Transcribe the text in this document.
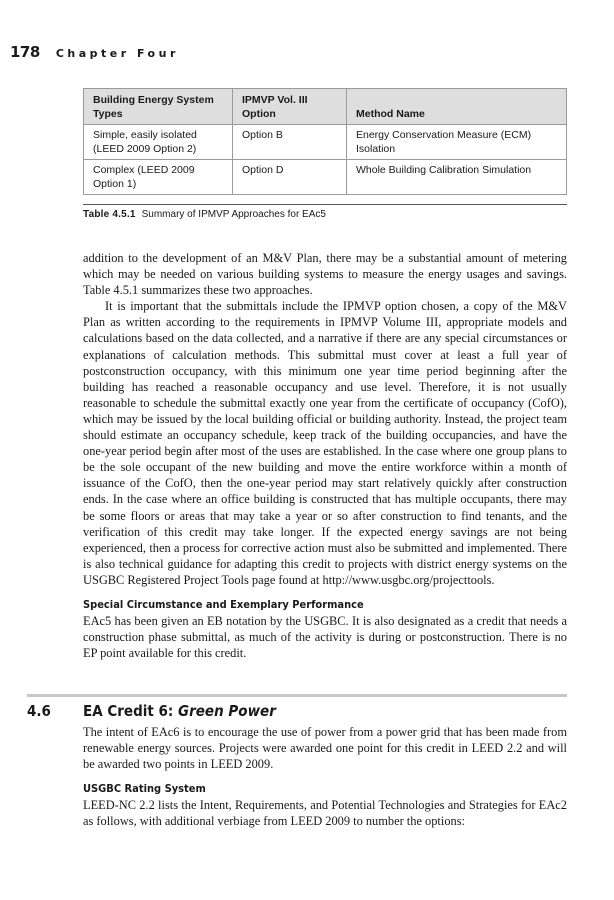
178 Chapter Four
Building Energy System Types	IPMVP Vol. III Option	Method Name
Simple, easily isolated (LEED 2009 Option 2)	Option B	Energy Conservation Measure (ECM) Isolation
Complex (LEED 2009 Option 1)	Option D	Whole Building Calibration Simulation
Table 4.5.1 Summary of IPMVP Approaches for EAc5

addition to the development of an M&V Plan, there may be a substantial amount of metering which may be needed on various building systems to measure the energy usages and savings. Table 4.5.1 summarizes these two approaches.

It is important that the submittals include the IPMVP option chosen, a copy of the M&V Plan as written according to the requirements in IPMVP Volume III, appropriate models and calculations based on the data collected, and a narrative if there are any special circumstances or explanations of calculation methods. This submittal must cover at least a full year of postconstruction occupancy, with this minimum one year time period beginning after the building has reached a reasonable occupancy and use level. Therefore, it is not usually reasonable to schedule the submittal exactly one year from the certificate of occupancy (CofO), which may be issued by the local building official or building authority. Instead, the project team should estimate an occupancy schedule, keep track of the building occupancies, and have the one-year period begin after most of the uses are established. In the case where one group plans to be the sole occupant of the new building and move the entire workforce within a month of issuance of the CofO, then the one-year period may start relatively quickly after construction ends. In the case where an office building is constructed that has multiple occupants, there may be some floors or areas that may take a year or so after construction to find tenants, and the verification of this credit may take longer. If the expected energy savings are not being experienced, then a process for corrective action must also be submitted and implemented. There is also technical guidance for adapting this credit to projects with district energy systems on the USGBC Registered Project Tools page found at http://www.usgbc.org/projecttools.

Special Circumstance and Exemplary Performance

EAc5 has been given an EB notation by the USGBC. It is also designated as a credit that needs a construction phase submittal, as much of the activity is during or postconstruction. There is no EP point available for this credit.

4.6	EA Credit 6: Green Power

The intent of EAc6 is to encourage the use of power from a power grid that has been made from renewable energy sources. Projects were awarded one point for this credit in LEED 2.2 and will be awarded two points in LEED 2009.

USGBC Rating System

LEED-NC 2.2 lists the Intent, Requirements, and Potential Technologies and Strategies for EAc2 as follows, with additional verbiage from LEED 2009 to number the options:
